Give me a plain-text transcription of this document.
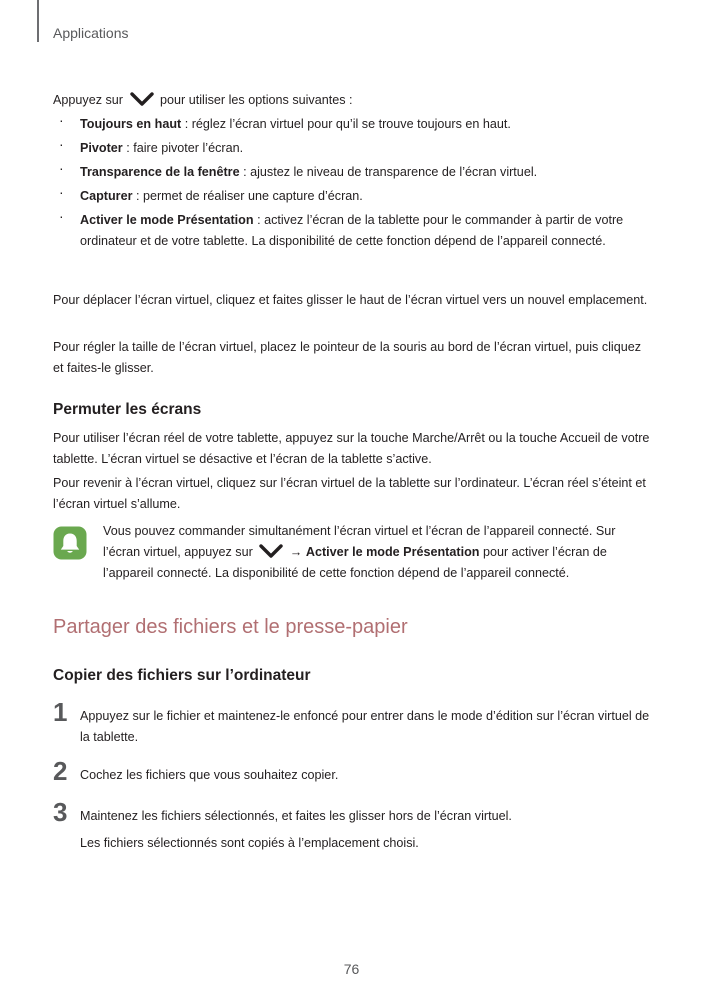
Applications

Appuyez sur	pour utiliser les options suivantes :

· Toujours en haut : réglez l’écran virtuel pour qu’il se trouve toujours en haut.
· Pivoter : faire pivoter l’écran.
· Transparence de la fenêtre : ajustez le niveau de transparence de l’écran virtuel.
· Capturer : permet de réaliser une capture d’écran.
· Activer le mode Présentation : activez l’écran de la tablette pour le commander à partir de votre ordinateur et de votre tablette. La disponibilité de cette fonction dépend de l’appareil connecté.

Pour déplacer l’écran virtuel, cliquez et faites glisser le haut de l’écran virtuel vers un nouvel emplacement.

Pour régler la taille de l’écran virtuel, placez le pointeur de la souris au bord de l’écran virtuel, puis cliquez et faites-le glisser.

Permuter les écrans

Pour utiliser l’écran réel de votre tablette, appuyez sur la touche Marche/Arrêt ou la touche Accueil de votre tablette. L’écran virtuel se désactive et l’écran de la tablette s’active.

Pour revenir à l’écran virtuel, cliquez sur l’écran virtuel de la tablette sur l’ordinateur. L’écran réel s’éteint et l’écran virtuel s’allume.

Vous pouvez commander simultanément l’écran virtuel et l’écran de l’appareil connecté. Sur l’écran virtuel, appuyez sur	→ Activer le mode Présentation pour activer l’écran de l’appareil connecté. La disponibilité de cette fonction dépend de l’appareil connecté.

Partager des fichiers et le presse-papier
Copier des fichiers sur l’ordinateur
1 Appuyez sur le fichier et maintenez-le enfoncé pour entrer dans le mode d’édition sur l’écran virtuel de la tablette.
2 Cochez les fichiers que vous souhaitez copier.
3 Maintenez les fichiers sélectionnés, et faites les glisser hors de l’écran virtuel.
Les fichiers sélectionnés sont copiés à l’emplacement choisi.
76
